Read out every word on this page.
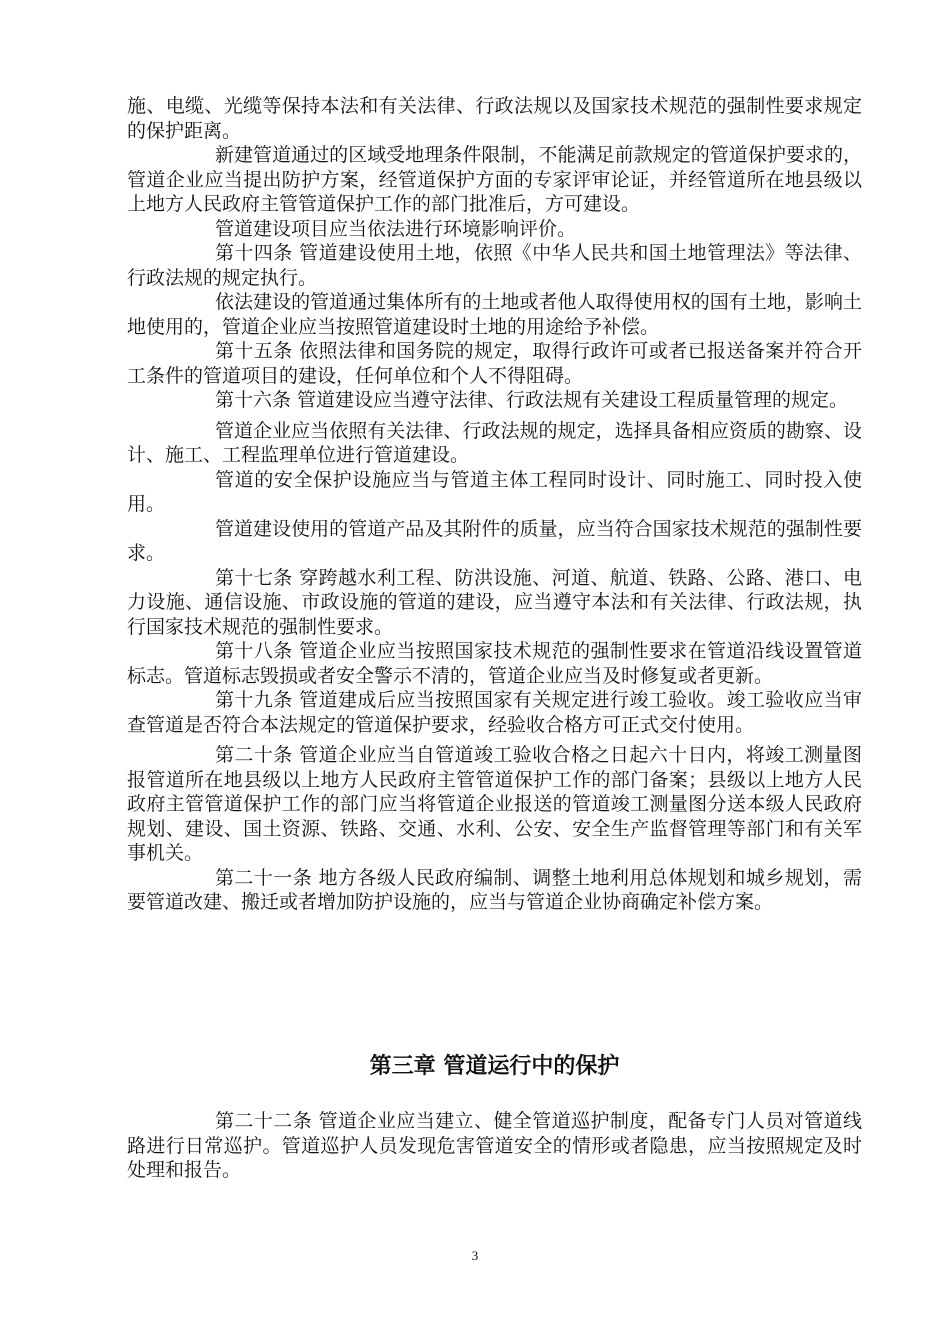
施、电缆、光缆等保持本法和有关法律、行政法规以及国家技术规范的强制性要求规定的保护距离。

新建管道通过的区域受地理条件限制，不能满足前款规定的管道保护要求的，管道企业应当提出防护方案，经管道保护方面的专家评审论证，并经管道所在地县级以上地方人民政府主管管道保护工作的部门批准后，方可建设。

管道建设项目应当依法进行环境影响评价。

第十四条 管道建设使用土地，依照《中华人民共和国土地管理法》等法律、行政法规的规定执行。

依法建设的管道通过集体所有的土地或者他人取得使用权的国有土地，影响土地使用的，管道企业应当按照管道建设时土地的用途给予补偿。

第十五条 依照法律和国务院的规定，取得行政许可或者已报送备案并符合开工条件的管道项目的建设，任何单位和个人不得阻碍。

第十六条 管道建设应当遵守法律、行政法规有关建设工程质量管理的规定。

管道企业应当依照有关法律、行政法规的规定，选择具备相应资质的勘察、设计、施工、工程监理单位进行管道建设。

管道的安全保护设施应当与管道主体工程同时设计、同时施工、同时投入使用。

管道建设使用的管道产品及其附件的质量，应当符合国家技术规范的强制性要求。

第十七条 穿跨越水利工程、防洪设施、河道、航道、铁路、公路、港口、电力设施、通信设施、市政设施的管道的建设，应当遵守本法和有关法律、行政法规，执行国家技术规范的强制性要求。

第十八条 管道企业应当按照国家技术规范的强制性要求在管道沿线设置管道标志。管道标志毁损或者安全警示不清的，管道企业应当及时修复或者更新。

第十九条 管道建成后应当按照国家有关规定进行竣工验收。竣工验收应当审查管道是否符合本法规定的管道保护要求，经验收合格方可正式交付使用。

第二十条 管道企业应当自管道竣工验收合格之日起六十日内，将竣工测量图报管道所在地县级以上地方人民政府主管管道保护工作的部门备案；县级以上地方人民政府主管管道保护工作的部门应当将管道企业报送的管道竣工测量图分送本级人民政府规划、建设、国土资源、铁路、交通、水利、公安、安全生产监督管理等部门和有关军事机关。

第二十一条 地方各级人民政府编制、调整土地利用总体规划和城乡规划，需要管道改建、搬迁或者增加防护设施的，应当与管道企业协商确定补偿方案。

第三章 管道运行中的保护

第二十二条 管道企业应当建立、健全管道巡护制度，配备专门人员对管道线路进行日常巡护。管道巡护人员发现危害管道安全的情形或者隐患，应当按照规定及时处理和报告。

3
